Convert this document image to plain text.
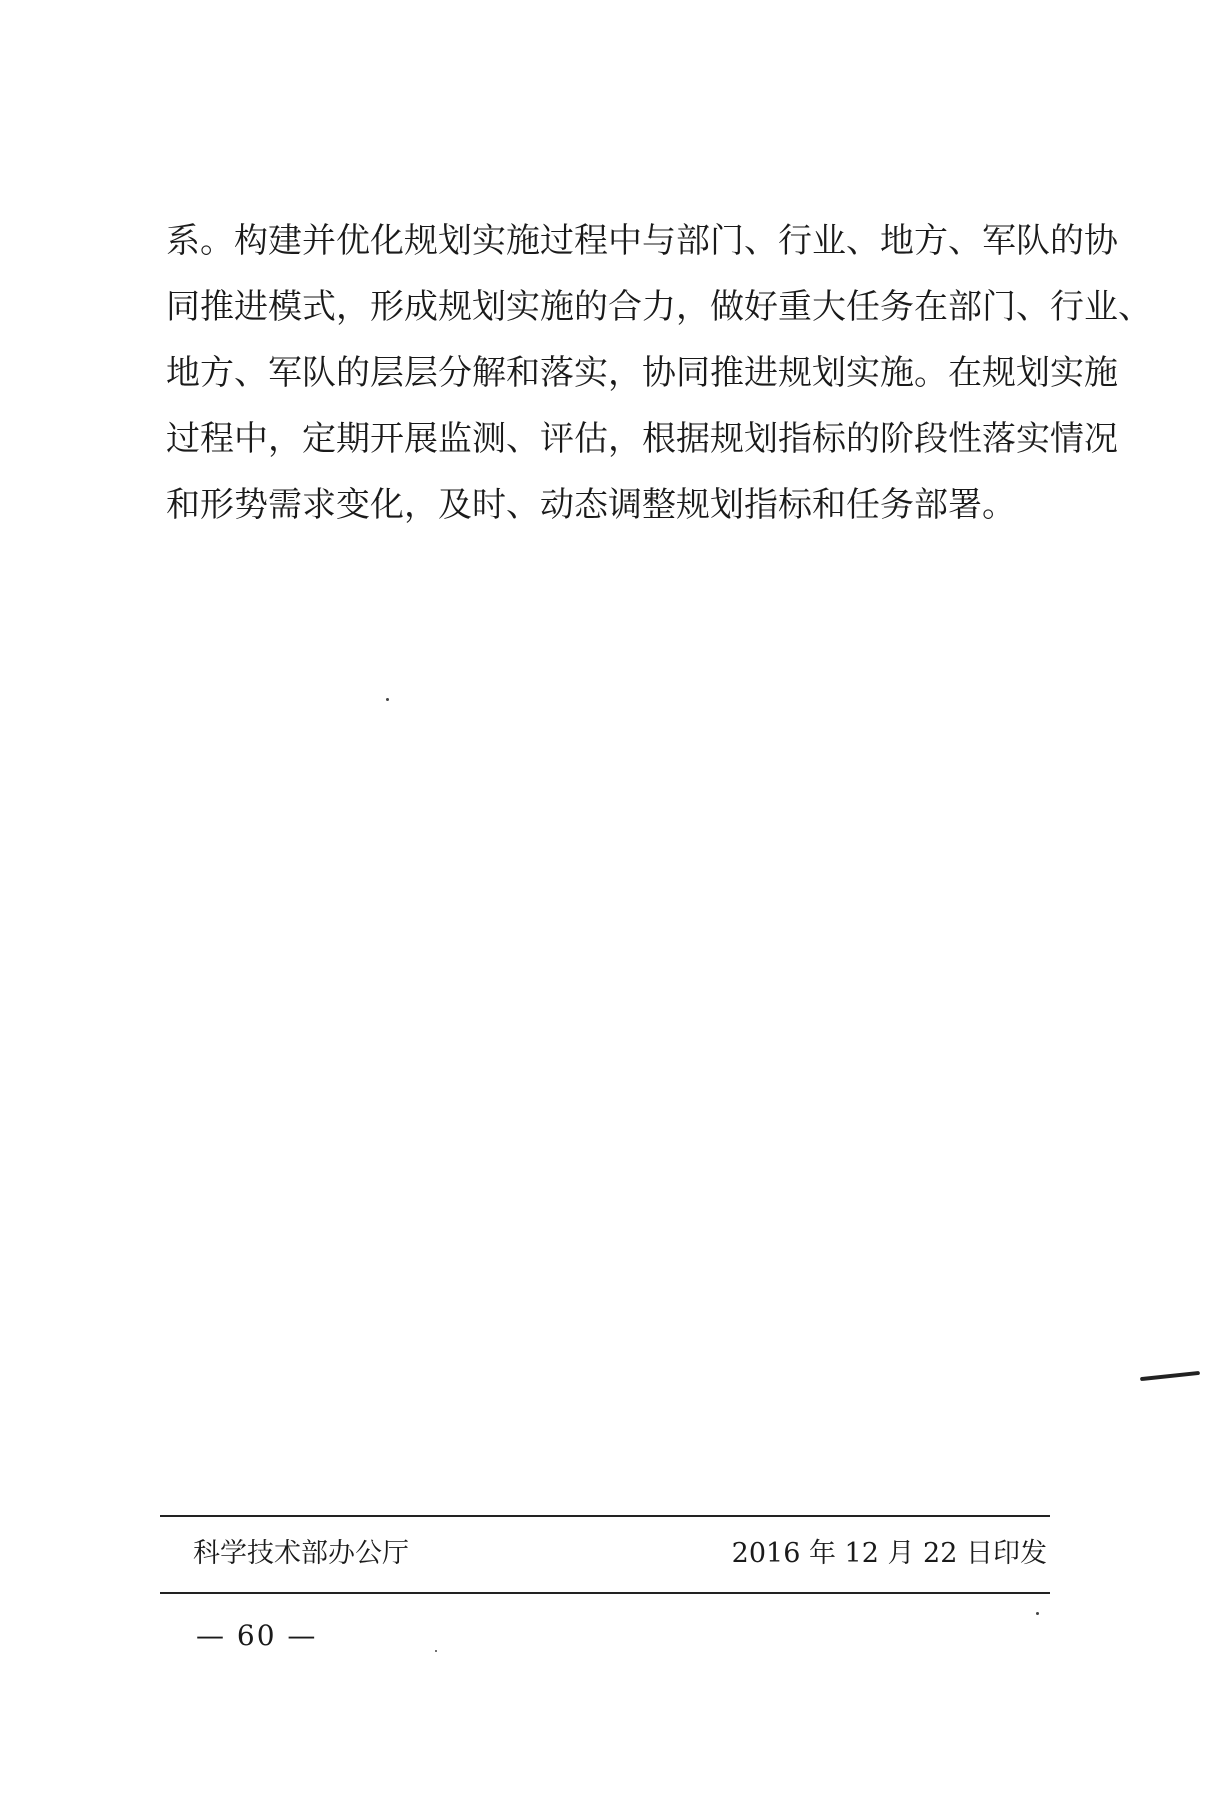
系。构建并优化规划实施过程中与部门、行业、地方、军队的协
同推进模式，形成规划实施的合力，做好重大任务在部门、行业、
地方、军队的层层分解和落实，协同推进规划实施。在规划实施
过程中，定期开展监测、评估，根据规划指标的阶段性落实情况
和形势需求变化，及时、动态调整规划指标和任务部署。
科学技术部办公厅	2016 年 12 月 22 日印发
— 60 —
